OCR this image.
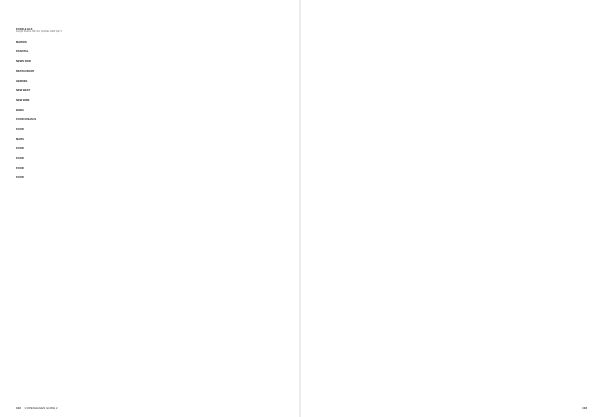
FOOD & ELS
Freight Strdmn, Blm 64, Cph/kbs 1000 Cph V
MARIOS
FRANTAL
NEWS NOR
RESTAURANT
HEROES
NEW BEST
NEW BINS
BOBS
FOOD DOHAUS
FOOD
MARS
FOOD
FOOD
FOOD
FOOD
102 COPENHAGEN GUIDE 2	103
